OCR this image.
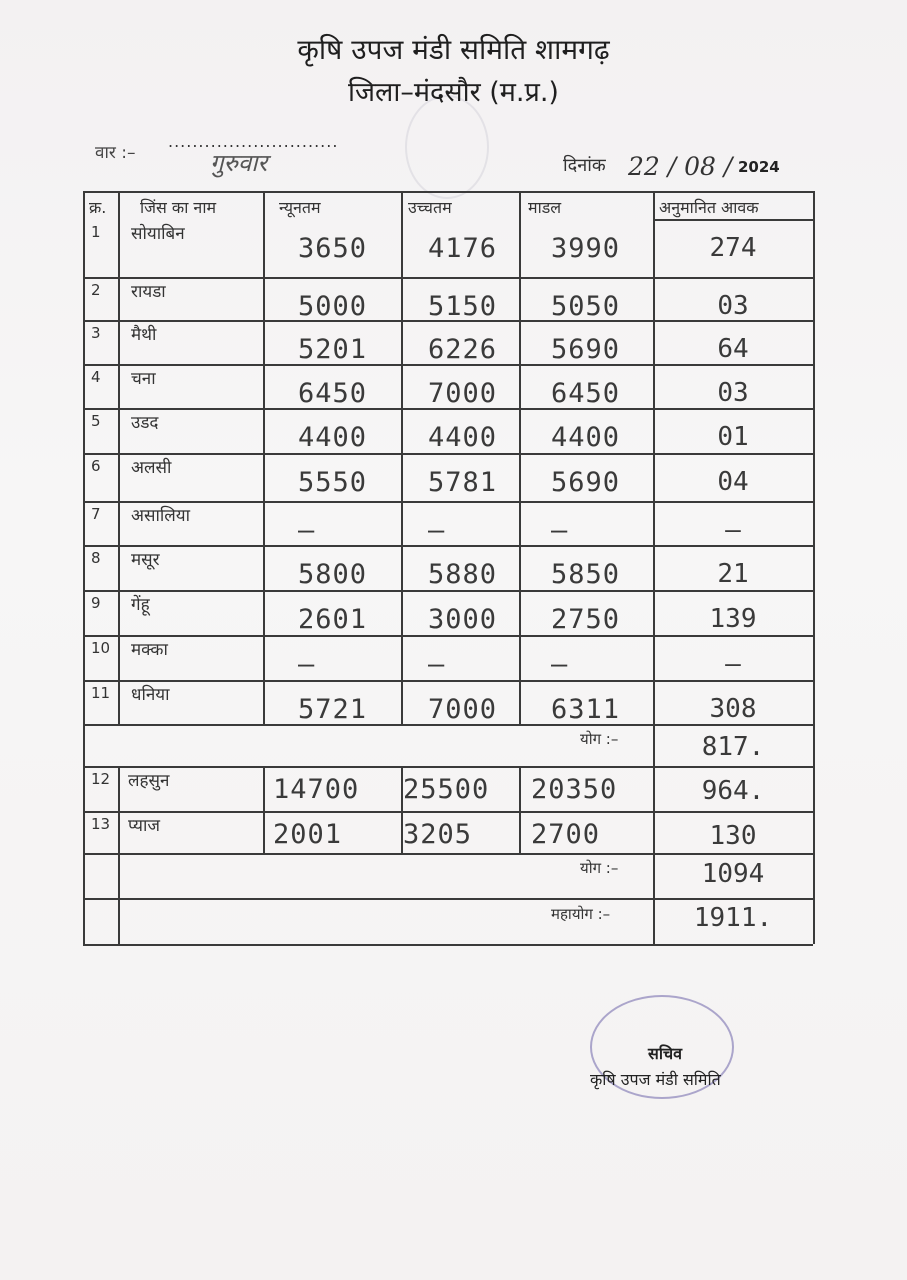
कृषि उपज मंडी समिति शामगढ़
जिला–मंदसौर (म.प्र.)
वार :–
............................
गुरुवार	दिनांक 22 / 08 / 2024
क्र. जिंस का नाम	न्यूनतम	उच्चतम	माडल	अनुमानित आवक
1 सोयाबिन	3650 4176 3990	274
2 रायडा	5000 5150 5050	03
3 मैथी	5201 6226 5690	64
4 चना	6450 7000 6450	03
5 उडद	4400 4400 4400	01
6 अलसी	5550 5781 5690	04
7 असालिया	–	–	–	–
8 मसूर	5800 5880 5850	21
9 गेंहू	2601 3000 2750	139
10 मक्का	–	–	–	–
11 धनिया	5721 7000 6311	308
योग :–	817.
12 लहसुन	14700 25500 20350	964.
13 प्याज	2001 3205 2700	130
योग :–	1094
महायोग :–	1911.
सचिव
कृषि उपज मंडी समिति
